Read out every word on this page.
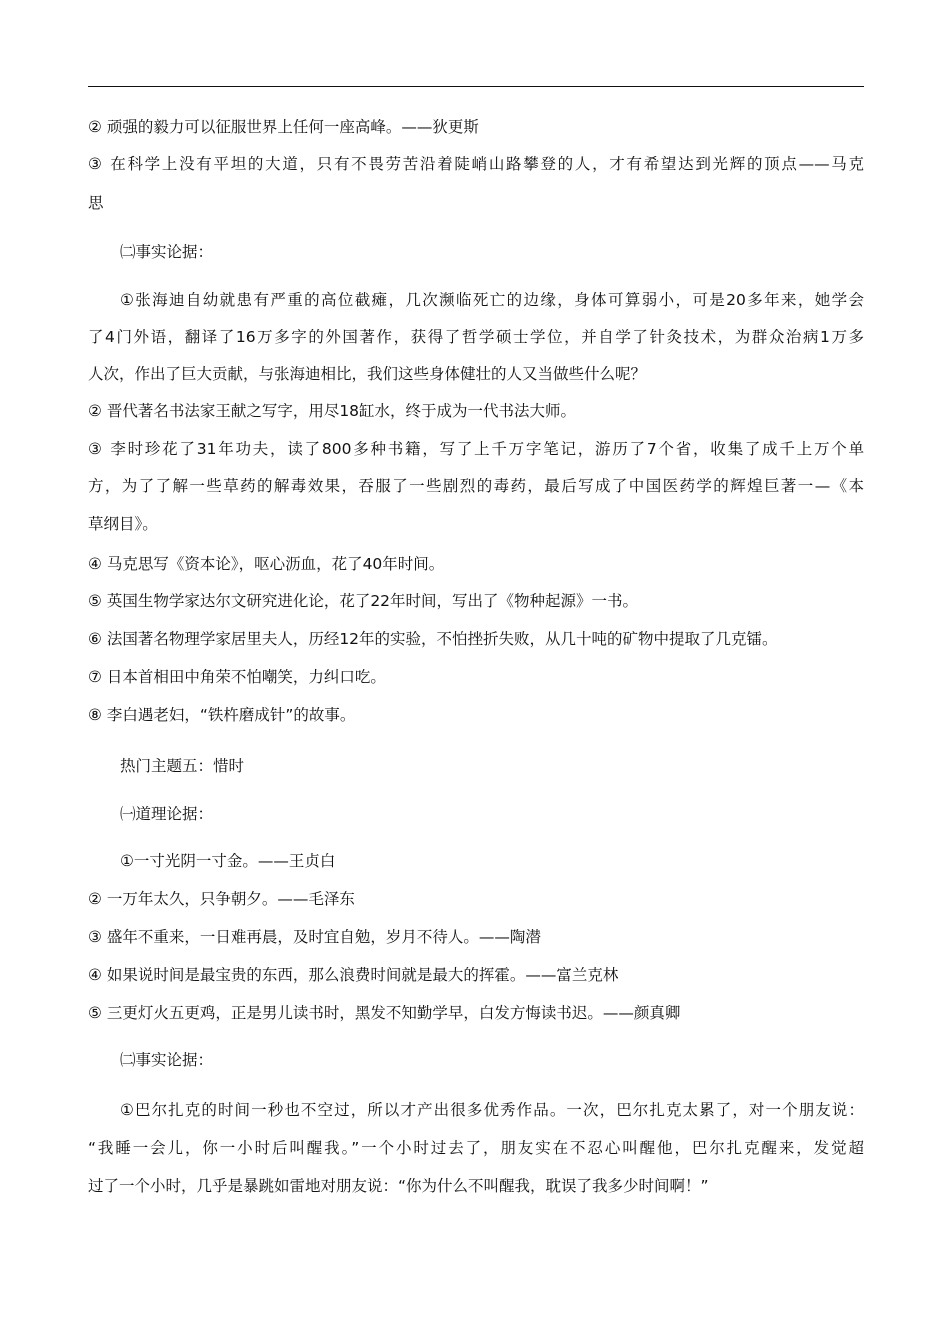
② 顽强的毅力可以征服世界上任何一座高峰。——狄更斯
③ 在科学上没有平坦的大道，只有不畏劳苦沿着陡峭山路攀登的人，才有希望达到光辉的顶点——马克
思
㈡事实论据：
①张海迪自幼就患有严重的高位截瘫，几次濒临死亡的边缘，身体可算弱小，可是20多年来，她学会
了4门外语，翻译了16万多字的外国著作，获得了哲学硕士学位，并自学了针灸技术，为群众治病1万多
人次，作出了巨大贡献，与张海迪相比，我们这些身体健壮的人又当做些什么呢？
② 晋代著名书法家王献之写字，用尽18缸水，终于成为一代书法大师。
③ 李时珍花了31年功夫，读了800多种书籍，写了上千万字笔记，游历了7个省，收集了成千上万个单
方，为了了解一些草药的解毒效果，吞服了一些剧烈的毒药，最后写成了中国医药学的辉煌巨著一—《本
草纲目》。
④ 马克思写《资本论》，呕心沥血，花了40年时间。
⑤ 英国生物学家达尔文研究进化论，花了22年时间，写出了《物种起源》一书。
⑥ 法国著名物理学家居里夫人，历经12年的实验，不怕挫折失败，从几十吨的矿物中提取了几克镭。
⑦ 日本首相田中角荣不怕嘲笑，力纠口吃。
⑧ 李白遇老妇，“铁杵磨成针”的故事。
热门主题五：惜时
㈠道理论据：
①一寸光阴一寸金。——王贞白
② 一万年太久，只争朝夕。——毛泽东
③ 盛年不重来，一日难再晨，及时宜自勉，岁月不待人。——陶潜
④ 如果说时间是最宝贵的东西，那么浪费时间就是最大的挥霍。——富兰克林
⑤ 三更灯火五更鸡，正是男儿读书时，黑发不知勤学早，白发方悔读书迟。——颜真卿
㈡事实论据：
①巴尔扎克的时间一秒也不空过，所以才产出很多优秀作品。一次，巴尔扎克太累了，对一个朋友说：
“我睡一会儿，你一小时后叫醒我。”一个小时过去了，朋友实在不忍心叫醒他，巴尔扎克醒来，发觉超
过了一个小时，几乎是暴跳如雷地对朋友说：“你为什么不叫醒我，耽误了我多少时间啊！”
